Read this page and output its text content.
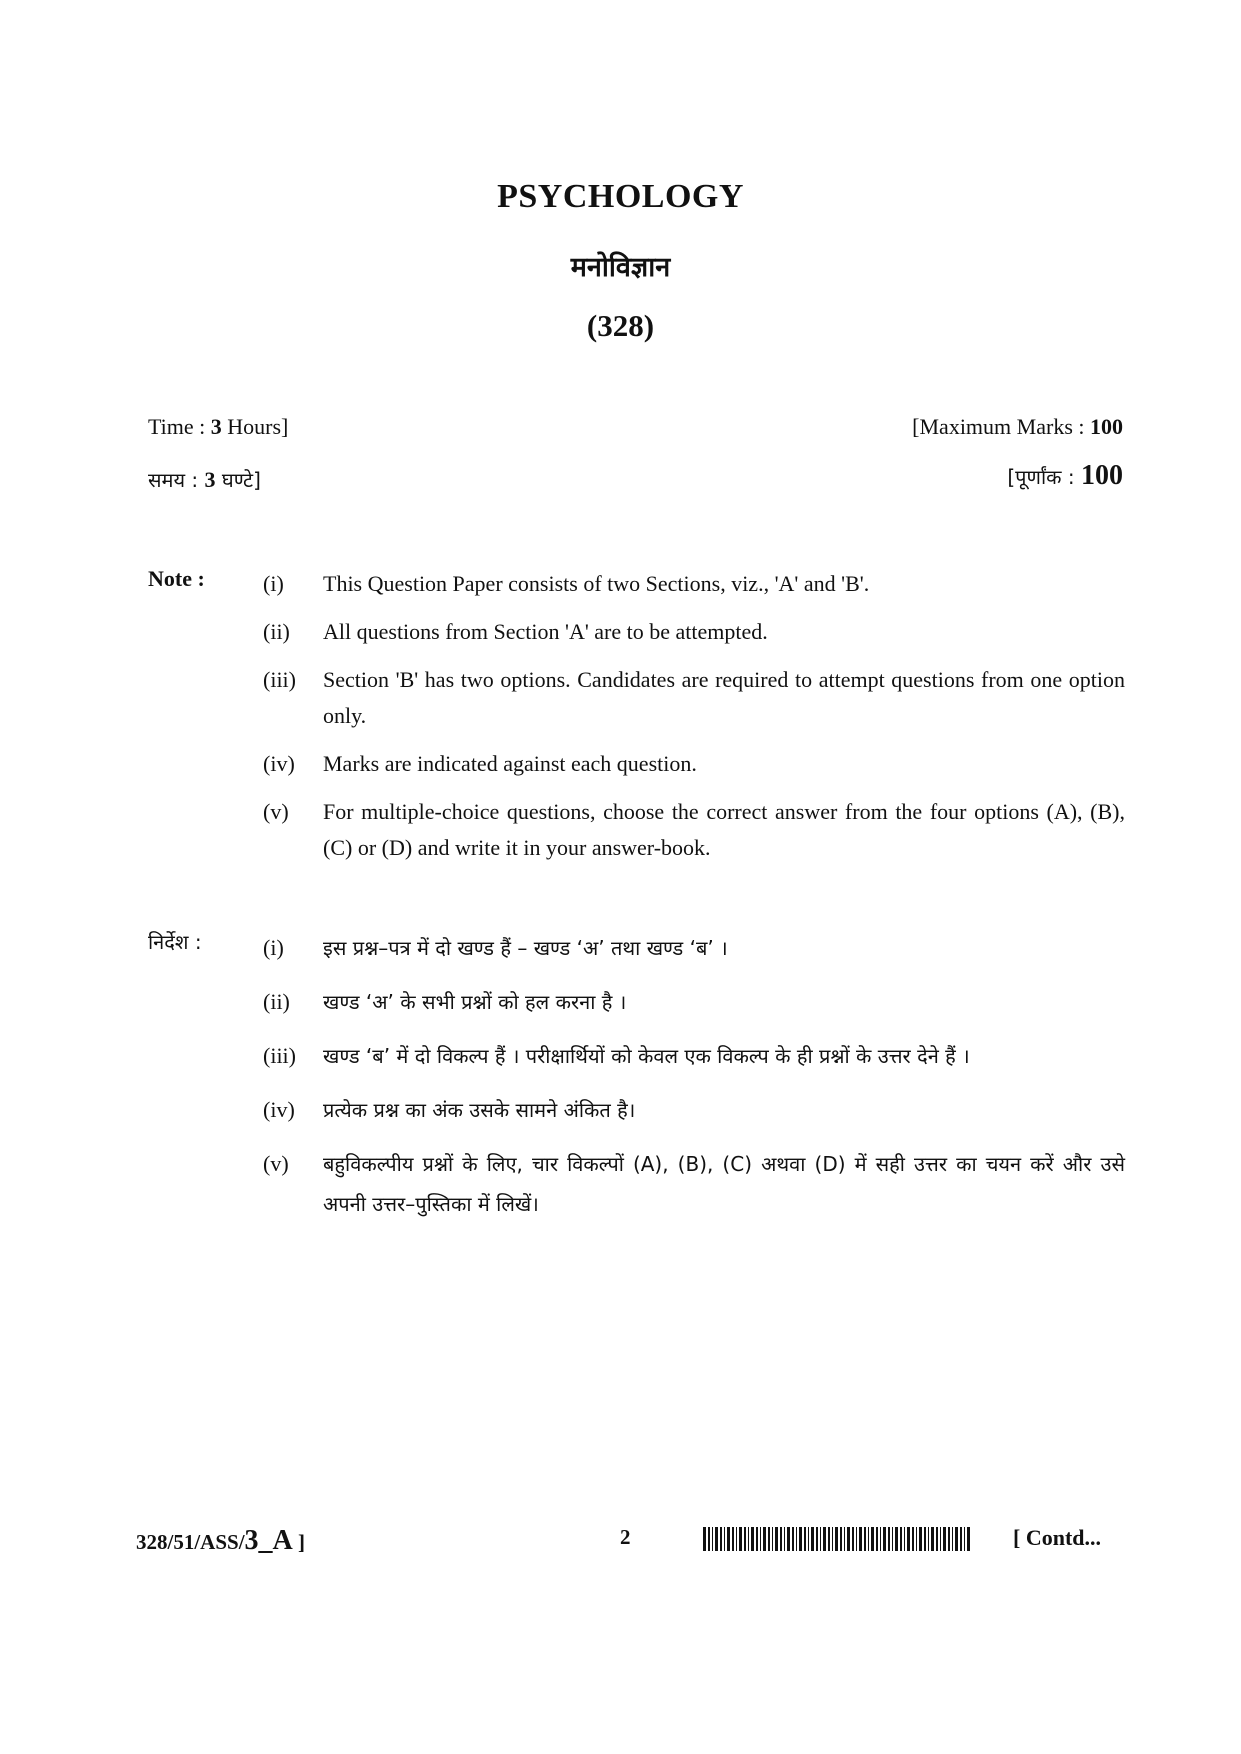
PSYCHOLOGY
मनोविज्ञान
(328)
Time : 3 Hours]	[Maximum Marks : 100
समय : 3 घण्टे]	[पूर्णांक : 100
Note :	(i) This Question Paper consists of two Sections, viz., 'A' and 'B'.
(ii) All questions from Section 'A' are to be attempted.
(iii) Section 'B' has two options. Candidates are required to attempt questions from one option only.
(iv) Marks are indicated against each question.
(v) For multiple-choice questions, choose the correct answer from the four options (A), (B), (C) or (D) and write it in your answer-book.
निर्देश :	(i) इस प्रश्न–पत्र में दो खण्ड हैं – खण्ड ‘अ’ तथा खण्ड ‘ब’ ।
(ii) खण्ड ‘अ’ के सभी प्रश्नों को हल करना है ।
(iii) खण्ड ‘ब’ में दो विकल्प हैं । परीक्षार्थियों को केवल एक विकल्प के ही प्रश्नों के उत्तर देने हैं ।
(iv) प्रत्येक प्रश्न का अंक उसके सामने अंकित है।
(v) बहुविकल्पीय प्रश्नों के लिए, चार विकल्पों (A), (B), (C) अथवा (D) में सही उत्तर का चयन करें और उसे अपनी उत्तर–पुस्तिका में लिखें।
328/51/ASS/3_A ]	2	[ Contd...
